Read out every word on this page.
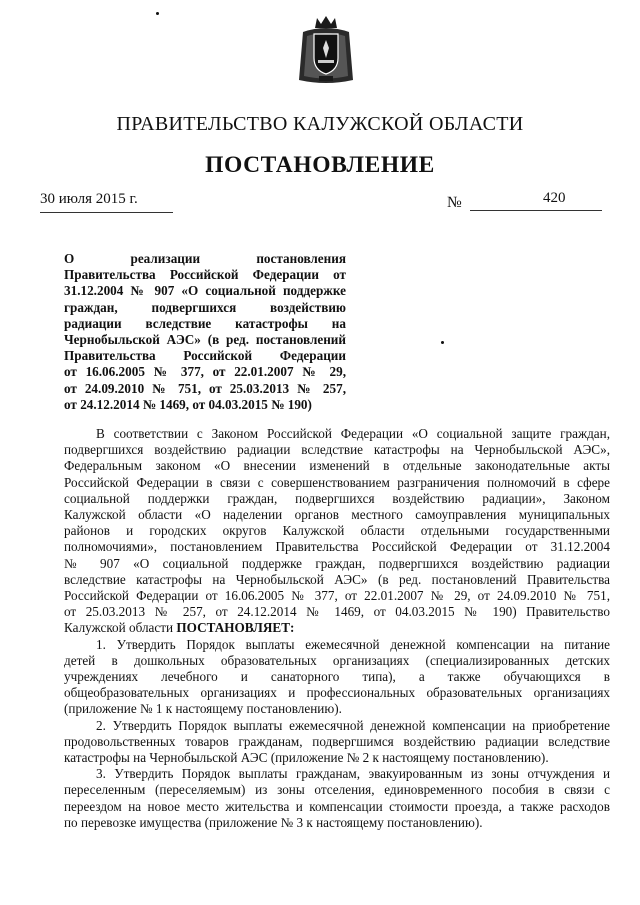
ПРАВИТЕЛЬСТВО КАЛУЖСКОЙ ОБЛАСТИ
ПОСТАНОВЛЕНИЕ
30 июля 2015 г.	№	420
О реализации постановления
Правительства Российской Федерации от
31.12.2004 № 907 «О социальной поддержке
граждан, подвергшихся воздействию
радиации вследствие катастрофы на
Чернобыльской АЭС» (в ред. постановлений
Правительства Российской Федерации
от 16.06.2005 № 377, от 22.01.2007 № 29,
от 24.09.2010 № 751, от 25.03.2013 № 257,
от 24.12.2014 № 1469, от 04.03.2015 № 190)
В соответствии с Законом Российской Федерации «О социальной защите граждан,
подвергшихся воздействию радиации вследствие катастрофы на Чернобыльской АЭС»,
Федеральным законом «О внесении изменений в отдельные законодательные акты
Российской Федерации в связи с совершенствованием разграничения полномочий в сфере
социальной поддержки граждан, подвергшихся воздействию радиации», Законом
Калужской области «О наделении органов местного самоуправления муниципальных
районов и городских округов Калужской области отдельными государственными
полномочиями», постановлением Правительства Российской Федерации от 31.12.2004
№ 907 «О социальной поддержке граждан, подвергшихся воздействию радиации
вследствие катастрофы на Чернобыльской АЭС» (в ред. постановлений Правительства
Российской Федерации от 16.06.2005 № 377, от 22.01.2007 № 29, от 24.09.2010 № 751,
от 25.03.2013 № 257, от 24.12.2014 № 1469, от 04.03.2015 № 190) Правительство
Калужской области ПОСТАНОВЛЯЕТ:
1. Утвердить Порядок выплаты ежемесячной денежной компенсации на питание
детей в дошкольных образовательных организациях (специализированных детских
учреждениях лечебного и санаторного типа), а также обучающихся в
общеобразовательных организациях и профессиональных образовательных организациях
(приложение № 1 к настоящему постановлению).
2. Утвердить Порядок выплаты ежемесячной денежной компенсации на приобретение
продовольственных товаров гражданам, подвергшимся воздействию радиации вследствие
катастрофы на Чернобыльской АЭС (приложение № 2 к настоящему постановлению).
3. Утвердить Порядок выплаты гражданам, эвакуированным из зоны отчуждения и
переселенным (переселяемым) из зоны отселения, единовременного пособия в связи с
переездом на новое место жительства и компенсации стоимости проезда, а также расходов
по перевозке имущества (приложение № 3 к настоящему постановлению).
